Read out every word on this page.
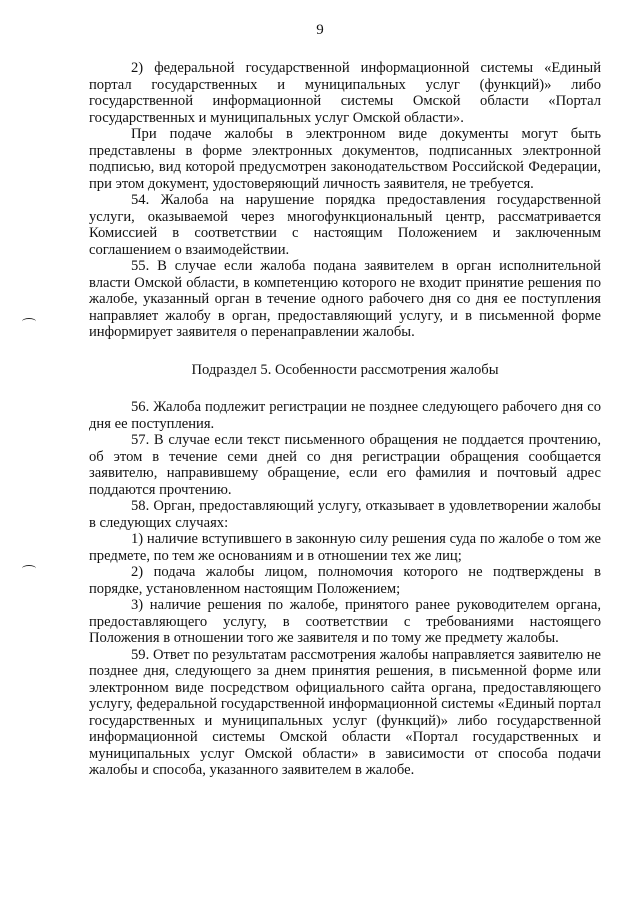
9

2) федеральной государственной информационной системы «Единый портал государственных и муниципальных услуг (функций)» либо государственной информационной системы Омской области «Портал государственных и муниципальных услуг Омской области».

При подаче жалобы в электронном виде документы могут быть представлены в форме электронных документов, подписанных электронной подписью, вид которой предусмотрен законодательством Российской Федерации, при этом документ, удостоверяющий личность заявителя, не требуется.

54. Жалоба на нарушение порядка предоставления государственной услуги, оказываемой через многофункциональный центр, рассматривается Комиссией в соответствии с настоящим Положением и заключенным соглашением о взаимодействии.

55. В случае если жалоба подана заявителем в орган исполнительной власти Омской области, в компетенцию которого не входит принятие решения по жалобе, указанный орган в течение одного рабочего дня со дня ее поступления направляет жалобу в орган, предоставляющий услугу, и в письменной форме информирует заявителя о перенаправлении жалобы.

Подраздел 5. Особенности рассмотрения жалобы

56. Жалоба подлежит регистрации не позднее следующего рабочего дня со дня ее поступления.

57. В случае если текст письменного обращения не поддается прочтению, об этом в течение семи дней со дня регистрации обращения сообщается заявителю, направившему обращение, если его фамилия и почтовый адрес поддаются прочтению.

58. Орган, предоставляющий услугу, отказывает в удовлетворении жалобы в следующих случаях:

1) наличие вступившего в законную силу решения суда по жалобе о том же предмете, по тем же основаниям и в отношении тех же лиц;

2) подача жалобы лицом, полномочия которого не подтверждены в порядке, установленном настоящим Положением;

3) наличие решения по жалобе, принятого ранее руководителем органа, предоставляющего услугу, в соответствии с требованиями настоящего Положения в отношении того же заявителя и по тому же предмету жалобы.

59. Ответ по результатам рассмотрения жалобы направляется заявителю не позднее дня, следующего за днем принятия решения, в письменной форме или электронном виде посредством официального сайта органа, предоставляющего услугу, федеральной государственной информационной системы «Единый портал государственных и муниципальных услуг (функций)» либо государственной информационной системы Омской области «Портал государственных и муниципальных услуг Омской области» в зависимости от способа подачи жалобы и способа, указанного заявителем в жалобе.
